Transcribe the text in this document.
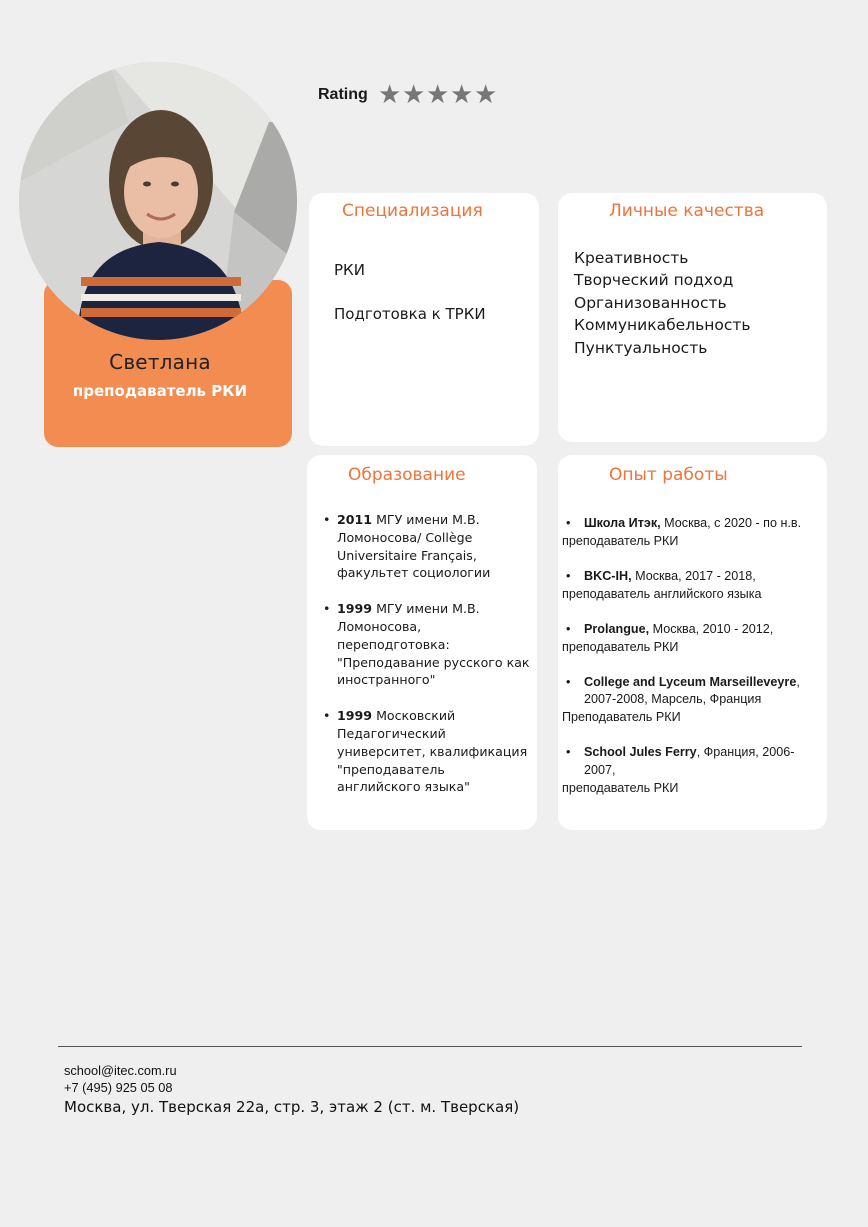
Светлана
преподаватель РКИ
Rating ★ ★ ★ ★ ★
Специализация
РКИ
Подготовка к ТРКИ
Личные качества
Креативность
Творческий подход
Организованность
Коммуникабельность
Пунктуальность
Образование
• 2011 МГУ имени М.В. Ломоносова/ Collège Universitaire Français, факультет социологии
• 1999 МГУ имени М.В. Ломоносова, переподготовка: "Преподавание русского как иностранного"
• 1999 Московский Педагогический университет, квалификация "преподаватель английского языка"
Опыт работы
• Школа Итэк, Москва, с 2020 - по н.в.
преподаватель РКИ
• BKC-IH, Москва, 2017 - 2018,
преподаватель английского языка
• Prolangue, Москва, 2010 - 2012,
преподаватель РКИ
• College and Lyceum Marseilleveyre,
2007-2008, Марсель, Франция
Преподаватель РКИ
• School Jules Ferry, Франция, 2006-
2007,
преподаватель РКИ
school@itec.com.ru
+7 (495) 925 05 08
Москва, ул. Тверская 22а, стр. 3, этаж 2 (ст. м. Тверская)
